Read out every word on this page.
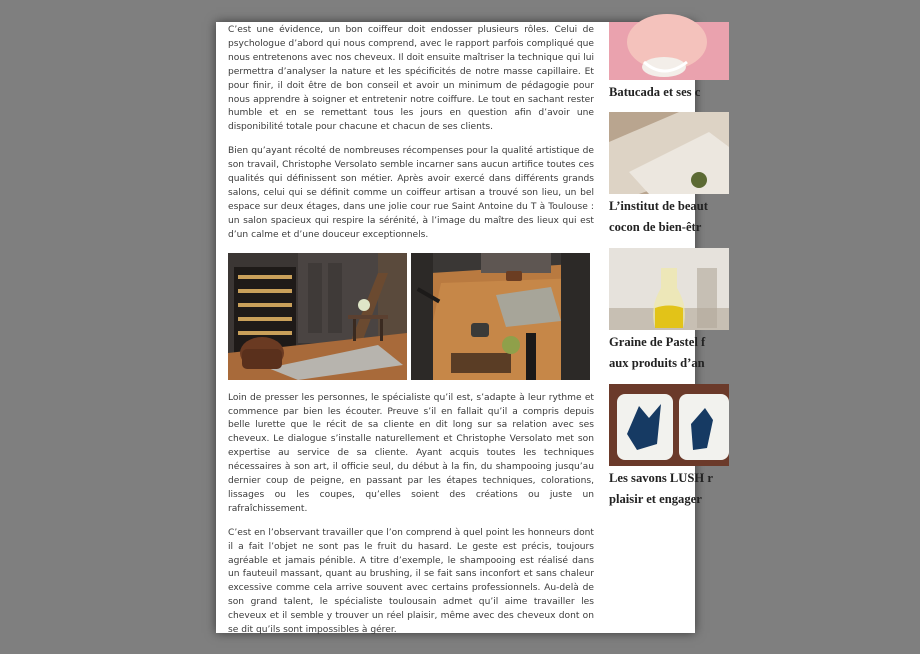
C’est une évidence, un bon coiffeur doit endosser plusieurs rôles. Celui de psychologue d’abord qui nous comprend, avec le rapport parfois compliqué que nous entretenons avec nos cheveux. Il doit ensuite maîtriser la technique qui lui permettra d’analyser la nature et les spécificités de notre masse capillaire. Et pour finir, il doit être de bon conseil et avoir un minimum de pédagogie pour nous apprendre à soigner et entretenir notre coiffure. Le tout en sachant rester humble et en se remettant tous les jours en question afin d’avoir une disponibilité totale pour chacune et chacun de ses clients.

Bien qu’ayant récolté de nombreuses récompenses pour la qualité artistique de son travail, Christophe Versolato semble incarner sans aucun artifice toutes ces qualités qui définissent son métier. Après avoir exercé dans différents grands salons, celui qui se définit comme un coiffeur artisan a trouvé son lieu, un bel espace sur deux étages, dans une jolie cour rue Saint Antoine du T à Toulouse : un salon spacieux qui respire la sérénité, à l’image du maître des lieux qui est d’un calme et d’une douceur exceptionnels.

Loin de presser les personnes, le spécialiste qu’il est, s’adapte à leur rythme et commence par bien les écouter. Preuve s’il en fallait qu’il a compris depuis belle lurette que le récit de sa cliente en dit long sur sa relation avec ses cheveux. Le dialogue s’installe naturellement et Christophe Versolato met son expertise au service de sa cliente. Ayant acquis toutes les techniques nécessaires à son art, il officie seul, du début à la fin, du shampooing jusqu’au dernier coup de peigne, en passant par les étapes techniques, colorations, lissages ou les coupes, qu’elles soient des créations ou juste un rafraîchissement.

C’est en l’observant travailler que l’on comprend à quel point les honneurs dont il a fait l’objet ne sont pas le fruit du hasard. Le geste est précis, toujours agréable et jamais pénible. A titre d’exemple, le shampooing est réalisé dans un fauteuil massant, quant au brushing, il se fait sans inconfort et sans chaleur excessive comme cela arrive souvent avec certains professionnels. Au-delà de son grand talent, le spécialiste toulousain admet qu’il aime travailler les cheveux et il semble y trouver un réel plaisir, même avec des cheveux dont on se dit qu’ils sont impossibles à gérer.

Batucada et ses c
L’institut de beaut
cocon de bien-êtr
Graine de Pastel f
aux produits d’an
Les savons LUSH r
plaisir et engager
